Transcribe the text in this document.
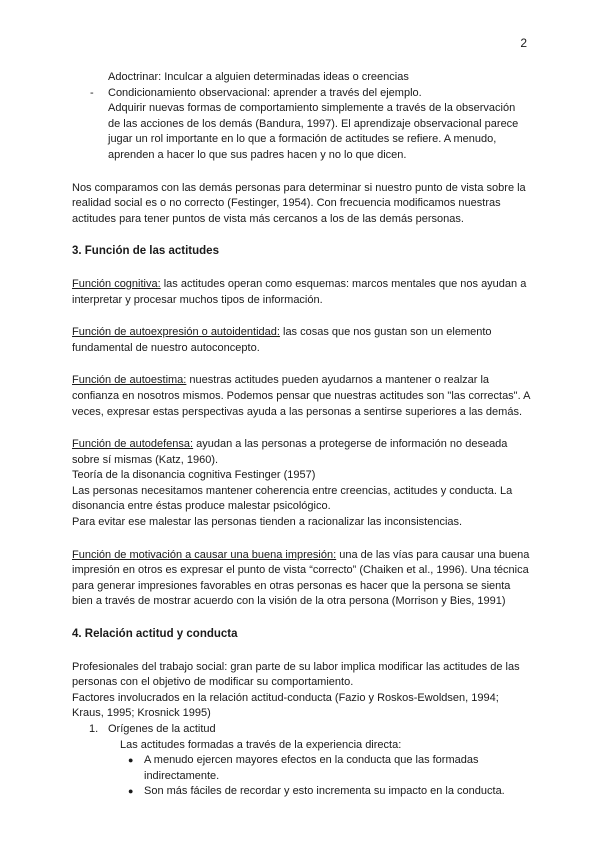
2

Adoctrinar: Inculcar a alguien determinadas ideas o creencias

- Condicionamiento observacional: aprender a través del ejemplo.

Adquirir nuevas formas de comportamiento simplemente a través de la observación de las acciones de los demás (Bandura, 1997). El aprendizaje observacional parece jugar un rol importante en lo que a formación de actitudes se refiere. A menudo, aprenden a hacer lo que sus padres hacen y no lo que dicen.

Nos comparamos con las demás personas para determinar si nuestro punto de vista sobre la realidad social es o no correcto (Festinger, 1954). Con frecuencia modificamos nuestras actitudes para tener puntos de vista más cercanos a los de las demás personas.

3. Función de las actitudes

Función cognitiva: las actitudes operan como esquemas: marcos mentales que nos ayudan a interpretar y procesar muchos tipos de información.

Función de autoexpresión o autoidentidad: las cosas que nos gustan son un elemento fundamental de nuestro autoconcepto.

Función de autoestima: nuestras actitudes pueden ayudarnos a mantener o realzar la confianza en nosotros mismos. Podemos pensar que nuestras actitudes son "las correctas". A veces, expresar estas perspectivas ayuda a las personas a sentirse superiores a las demás.

Función de autodefensa: ayudan a las personas a protegerse de información no deseada sobre sí mismas (Katz, 1960).

Teoría de la disonancia cognitiva Festinger (1957)

Las personas necesitamos mantener coherencia entre creencias, actitudes y conducta. La disonancia entre éstas produce malestar psicológico.

Para evitar ese malestar las personas tienden a racionalizar las inconsistencias.

Función de motivación a causar una buena impresión: una de las vías para causar una buena impresión en otros es expresar el punto de vista “correcto” (Chaiken et al., 1996). Una técnica para generar impresiones favorables en otras personas es hacer que la persona se sienta bien a través de mostrar acuerdo con la visión de la otra persona (Morrison y Bies, 1991)

4. Relación actitud y conducta

Profesionales del trabajo social: gran parte de su labor implica modificar las actitudes de las personas con el objetivo de modificar su comportamiento.

Factores involucrados en la relación actitud-conducta (Fazio y Roskos-Ewoldsen, 1994; Kraus, 1995; Krosnick 1995)

1. Orígenes de la actitud

Las actitudes formadas a través de la experiencia directa:

● A menudo ejercen mayores efectos en la conducta que las formadas indirectamente.
● Son más fáciles de recordar y esto incrementa su impacto en la conducta.
